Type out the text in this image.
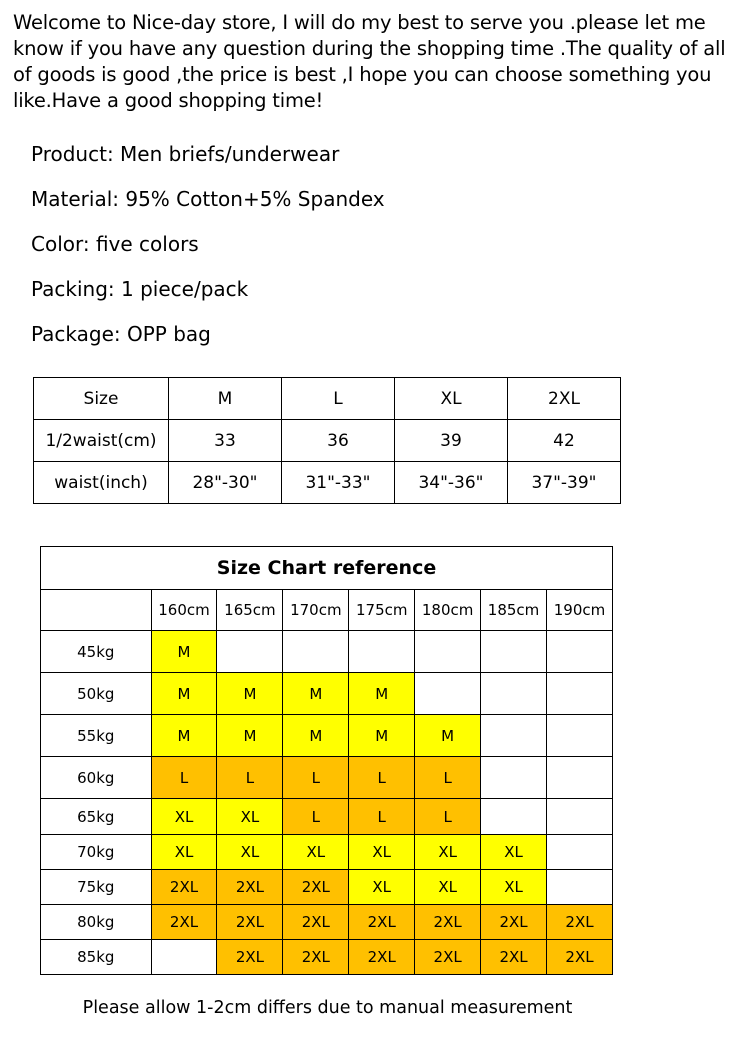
Welcome to Nice-day store, I will do my best to serve you .please let me know if you have any question during the shopping time .The quality of all of goods is good ,the price is best ,I hope you can choose something you like.Have a good shopping time!
Product: Men briefs/underwear
Material: 95% Cotton+5% Spandex
Color: five colors
Packing: 1 piece/pack
Package: OPP bag
Size	M	L	XL	2XL
1/2waist(cm)	33	36	39	42
waist(inch)	28"-30"	31"-33"	34"-36"	37"-39"
Size Chart reference							
	160cm	165cm	170cm	175cm	180cm	185cm	190cm
45kg	M						
50kg	M	M	M	M			
55kg	M	M	M	M	M		
60kg	L	L	L	L	L		
65kg	XL	XL	L	L	L		
70kg	XL	XL	XL	XL	XL	XL	
75kg	2XL	2XL	2XL	XL	XL	XL	
80kg	2XL	2XL	2XL	2XL	2XL	2XL	2XL
85kg		2XL	2XL	2XL	2XL	2XL	2XL
Please allow 1-2cm differs due to manual measurement
